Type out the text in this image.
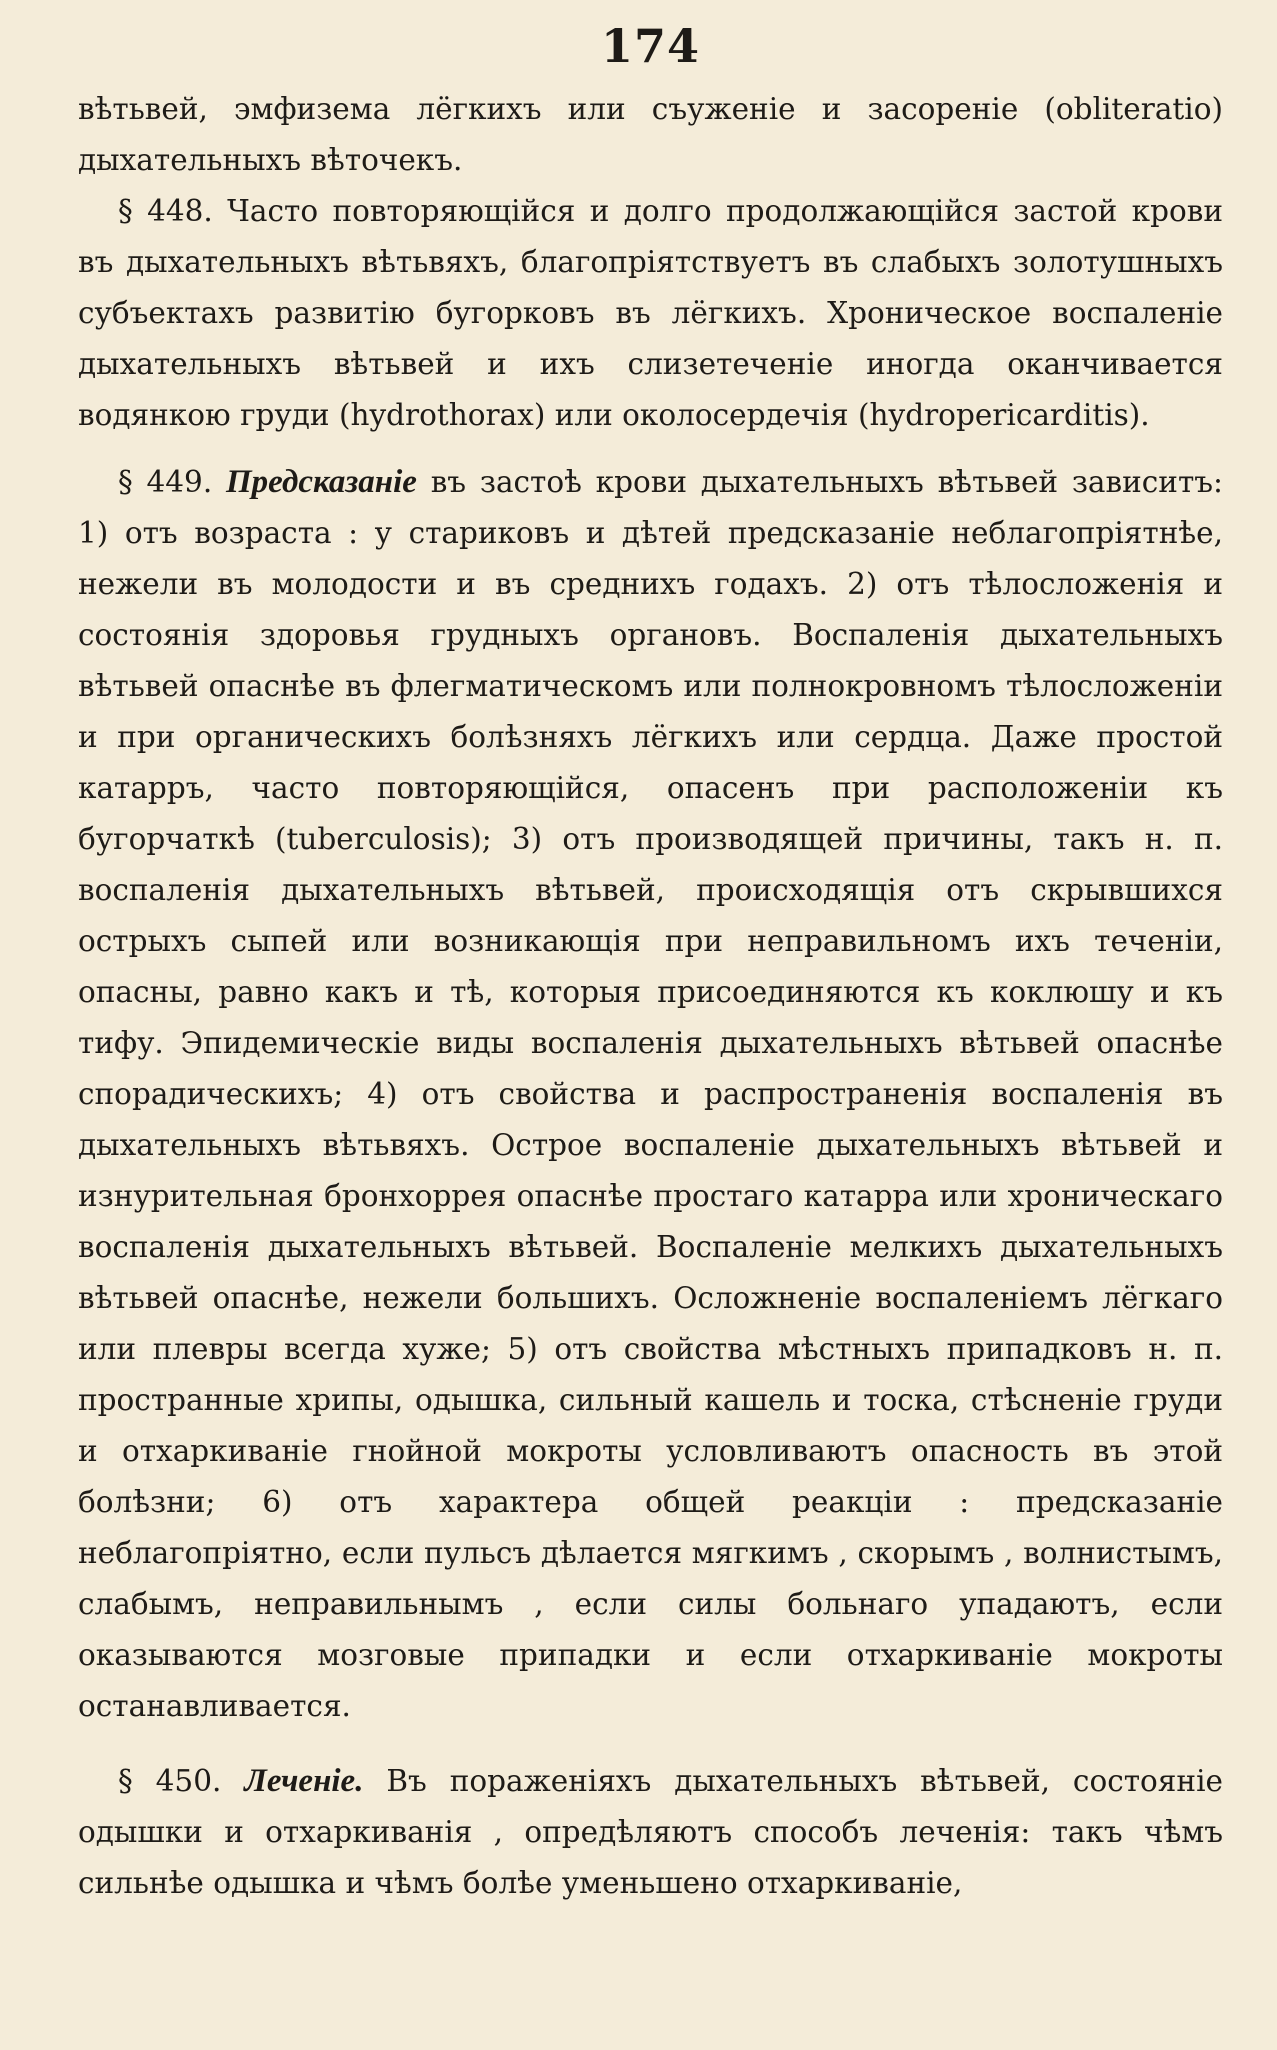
174

вѣтьвей, эмфизема лёгкихъ или съуженіе и засореніе (obliteratio) дыхательныхъ вѣточекъ.

§ 448. Часто повторяющійся и долго продолжающійся застой крови въ дыхательныхъ вѣтьвяхъ, благопріятствуетъ въ слабыхъ золотушныхъ субъектахъ развитію бугорковъ въ лёгкихъ. Хроническое воспаленіе дыхательныхъ вѣтьвей и ихъ слизетеченіе иногда оканчивается водянкою груди (hydrothorax) или околосердечія (hydropericarditis).

§ 449. Предсказаніе въ застоѣ крови дыхательныхъ вѣтьвей зависитъ: 1) отъ возраста : у стариковъ и дѣтей предсказаніе неблагопріятнѣе, нежели въ молодости и въ среднихъ годахъ. 2) отъ тѣлосложенія и состоянія здоровья грудныхъ органовъ. Воспаленія дыхательныхъ вѣтьвей опаснѣе въ флегматическомъ или полнокровномъ тѣлосложеніи и при органическихъ болѣзняхъ лёгкихъ или сердца. Даже простой катарръ, часто повторяющійся, опасенъ при расположеніи къ бугорчаткѣ (tuberculosis); 3) отъ производящей причины, такъ н. п. воспаленія дыхательныхъ вѣтьвей, происходящія отъ скрывшихся острыхъ сыпей или возникающія при неправильномъ ихъ теченіи, опасны, равно какъ и тѣ, которыя присоединяются къ коклюшу и къ тифу. Эпидемическіе виды воспаленія дыхательныхъ вѣтьвей опаснѣе спорадическихъ; 4) отъ свойства и распространенія воспаленія въ дыхательныхъ вѣтьвяхъ. Острое воспаленіе дыхательныхъ вѣтьвей и изнурительная бронхоррея опаснѣе простаго катарра или хроническаго воспаленія дыхательныхъ вѣтьвей. Воспаленіе мелкихъ дыхательныхъ вѣтьвей опаснѣе, нежели большихъ. Осложненіе воспаленіемъ лёгкаго или плевры всегда хуже; 5) отъ свойства мѣстныхъ припадковъ н. п. пространные хрипы, одышка, сильный кашель и тоска, стѣсненіе груди и отхаркиваніе гнойной мокроты условливаютъ опасность въ этой болѣзни; 6) отъ характера общей реакціи : предсказаніе неблагопріятно, если пульсъ дѣлается мягкимъ , скорымъ , волнистымъ, слабымъ, неправильнымъ , если силы больнаго упадаютъ, если оказываются мозговые припадки и если отхаркиваніе мокроты останавливается.

§ 450. Леченіе. Въ пораженіяхъ дыхательныхъ вѣтьвей, состояніе одышки и отхаркиванія , опредѣляютъ способъ леченія: такъ чѣмъ сильнѣе одышка и чѣмъ болѣе уменьшено отхаркиваніе,
